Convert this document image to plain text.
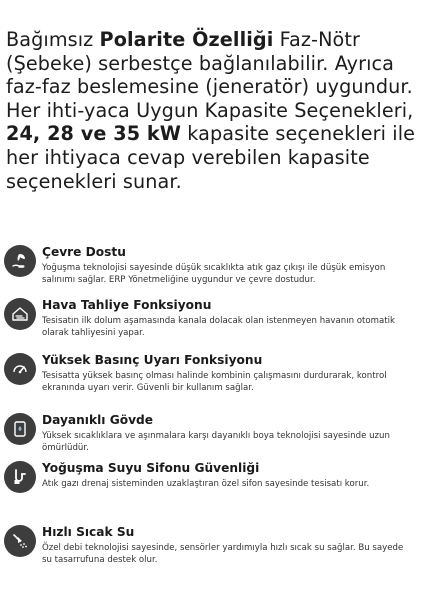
Bağımsız Polarite Özelliği Faz-Nötr (Şebeke) serbestçe bağlanılabilir. Ayrıca faz-faz beslemesine (jeneratör) uygundur. Her ihti-yaca Uygun Kapasite Seçenekleri, 24, 28 ve 35 kW kapasite seçenekleri ile her ihtiyaca cevap verebilen kapasite seçenekleri sunar.

Çevre Dostu

Yoğuşma teknolojisi sayesinde düşük sıcaklıkta atık gaz çıkışı ile düşük emisyon salınımı sağlar. ERP Yönetmeliğine uygundur ve çevre dostudur.

Hava Tahliye Fonksiyonu

Tesisatın ilk dolum aşamasında kanala dolacak olan istenmeyen havanın otomatik olarak tahliyesini yapar.

Yüksek Basınç Uyarı Fonksiyonu

Tesisatta yüksek basınç olması halinde kombinin çalışmasını durdurarak, kontrol ekranında uyarı verir. Güvenli bir kullanım sağlar.

Dayanıklı Gövde

Yüksek sıcaklıklara ve aşınmalara karşı dayanıklı boya teknolojisi sayesinde uzun ömürlüdür.

Yoğuşma Suyu Sifonu Güvenliği

Atık gazı drenaj sisteminden uzaklaştıran özel sifon sayesinde tesisatı korur.

Hızlı Sıcak Su

Özel debi teknolojisi sayesinde, sensörler yardımıyla hızlı sıcak su sağlar. Bu sayede su tasarrufuna destek olur.
